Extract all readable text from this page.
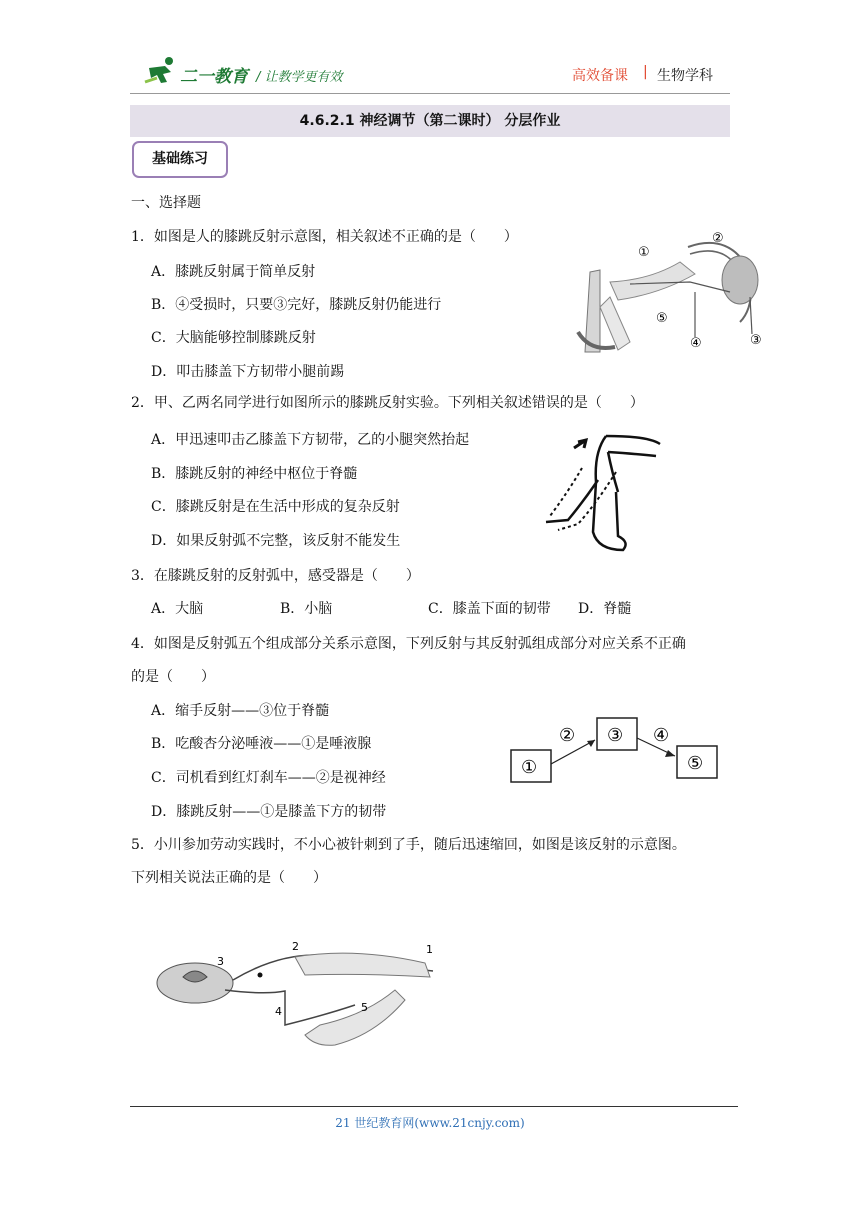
二一教育 / 让教学更有效	高效备课 | 生物学科
4.6.2.1 神经调节（第二课时） 分层作业
基础练习
一、选择题
1．如图是人的膝跳反射示意图，相关叙述不正确的是（　　）
A．膝跳反射属于简单反射
B．④受损时，只要③完好，膝跳反射仍能进行
C．大脑能够控制膝跳反射
D．叩击膝盖下方韧带小腿前踢
①
②
⑤
④	③
2．甲、乙两名同学进行如图所示的膝跳反射实验。下列相关叙述错误的是（　　）
A．甲迅速叩击乙膝盖下方韧带，乙的小腿突然抬起
B．膝跳反射的神经中枢位于脊髓
C．膝跳反射是在生活中形成的复杂反射
D．如果反射弧不完整，该反射不能发生
3．在膝跳反射的反射弧中，感受器是（　　）
A．大脑	B．小脑	C．膝盖下面的韧带 D．脊髓
4．如图是反射弧五个组成部分关系示意图，下列反射与其反射弧组成部分对应关系不正确
的是（　　）
A．缩手反射——③位于脊髓
B．吃酸杏分泌唾液——①是唾液腺
C．司机看到红灯刹车——②是视神经
D．膝跳反射——①是膝盖下方的韧带
② ③ ④
①	⑤
5．小川参加劳动实践时，不小心被针刺到了手，随后迅速缩回，如图是该反射的示意图。
下列相关说法正确的是（　　）
2
3
1
4	5
21 世纪教育网(www.21cnjy.com)
